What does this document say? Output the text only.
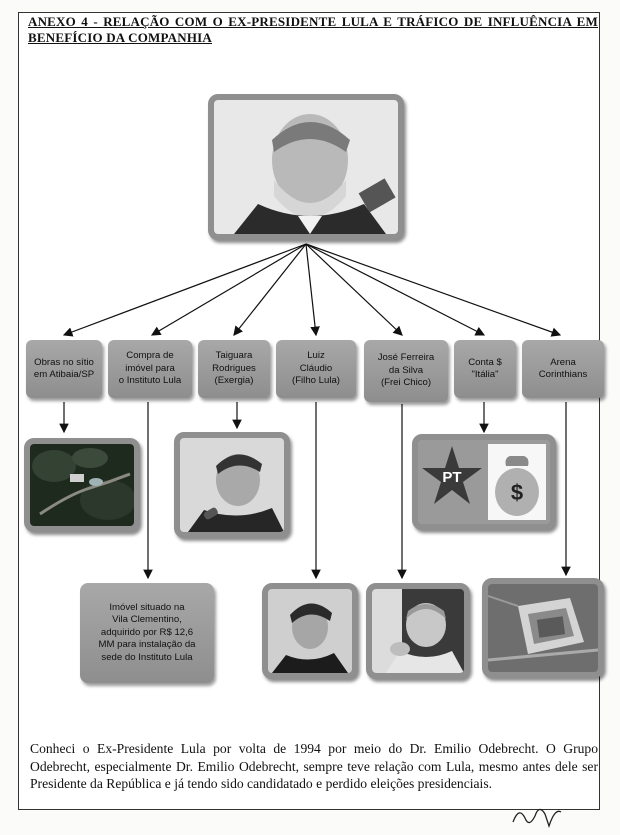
ANEXO 4 - RELAÇÃO COM O EX-PRESIDENTE LULA E TRÁFICO DE INFLUÊNCIA EM BENEFÍCIO DA COMPANHIA
Obras no sítio
em Atibaia/SP
Compra de
imóvel para
o Instituto Lula
Taiguara
Rodrigues
(Exergia)
Luiz
Cláudio
(Filho Lula)
José Ferreira
da Silva
(Frei Chico)
Conta $
"Itália"
Arena
Corinthians
Imóvel situado na
Vila Clementino,
adquirido por R$ 12,6
MM para instalação da
sede do Instituto Lula
PT
$
Conheci o Ex-Presidente Lula por volta de 1994 por meio do Dr. Emilio Odebrecht. O Grupo Odebrecht, especialmente Dr. Emilio Odebrecht, sempre teve relação com Lula, mesmo antes dele ser Presidente da República e já tendo sido candidatado e perdido eleições presidenciais.
